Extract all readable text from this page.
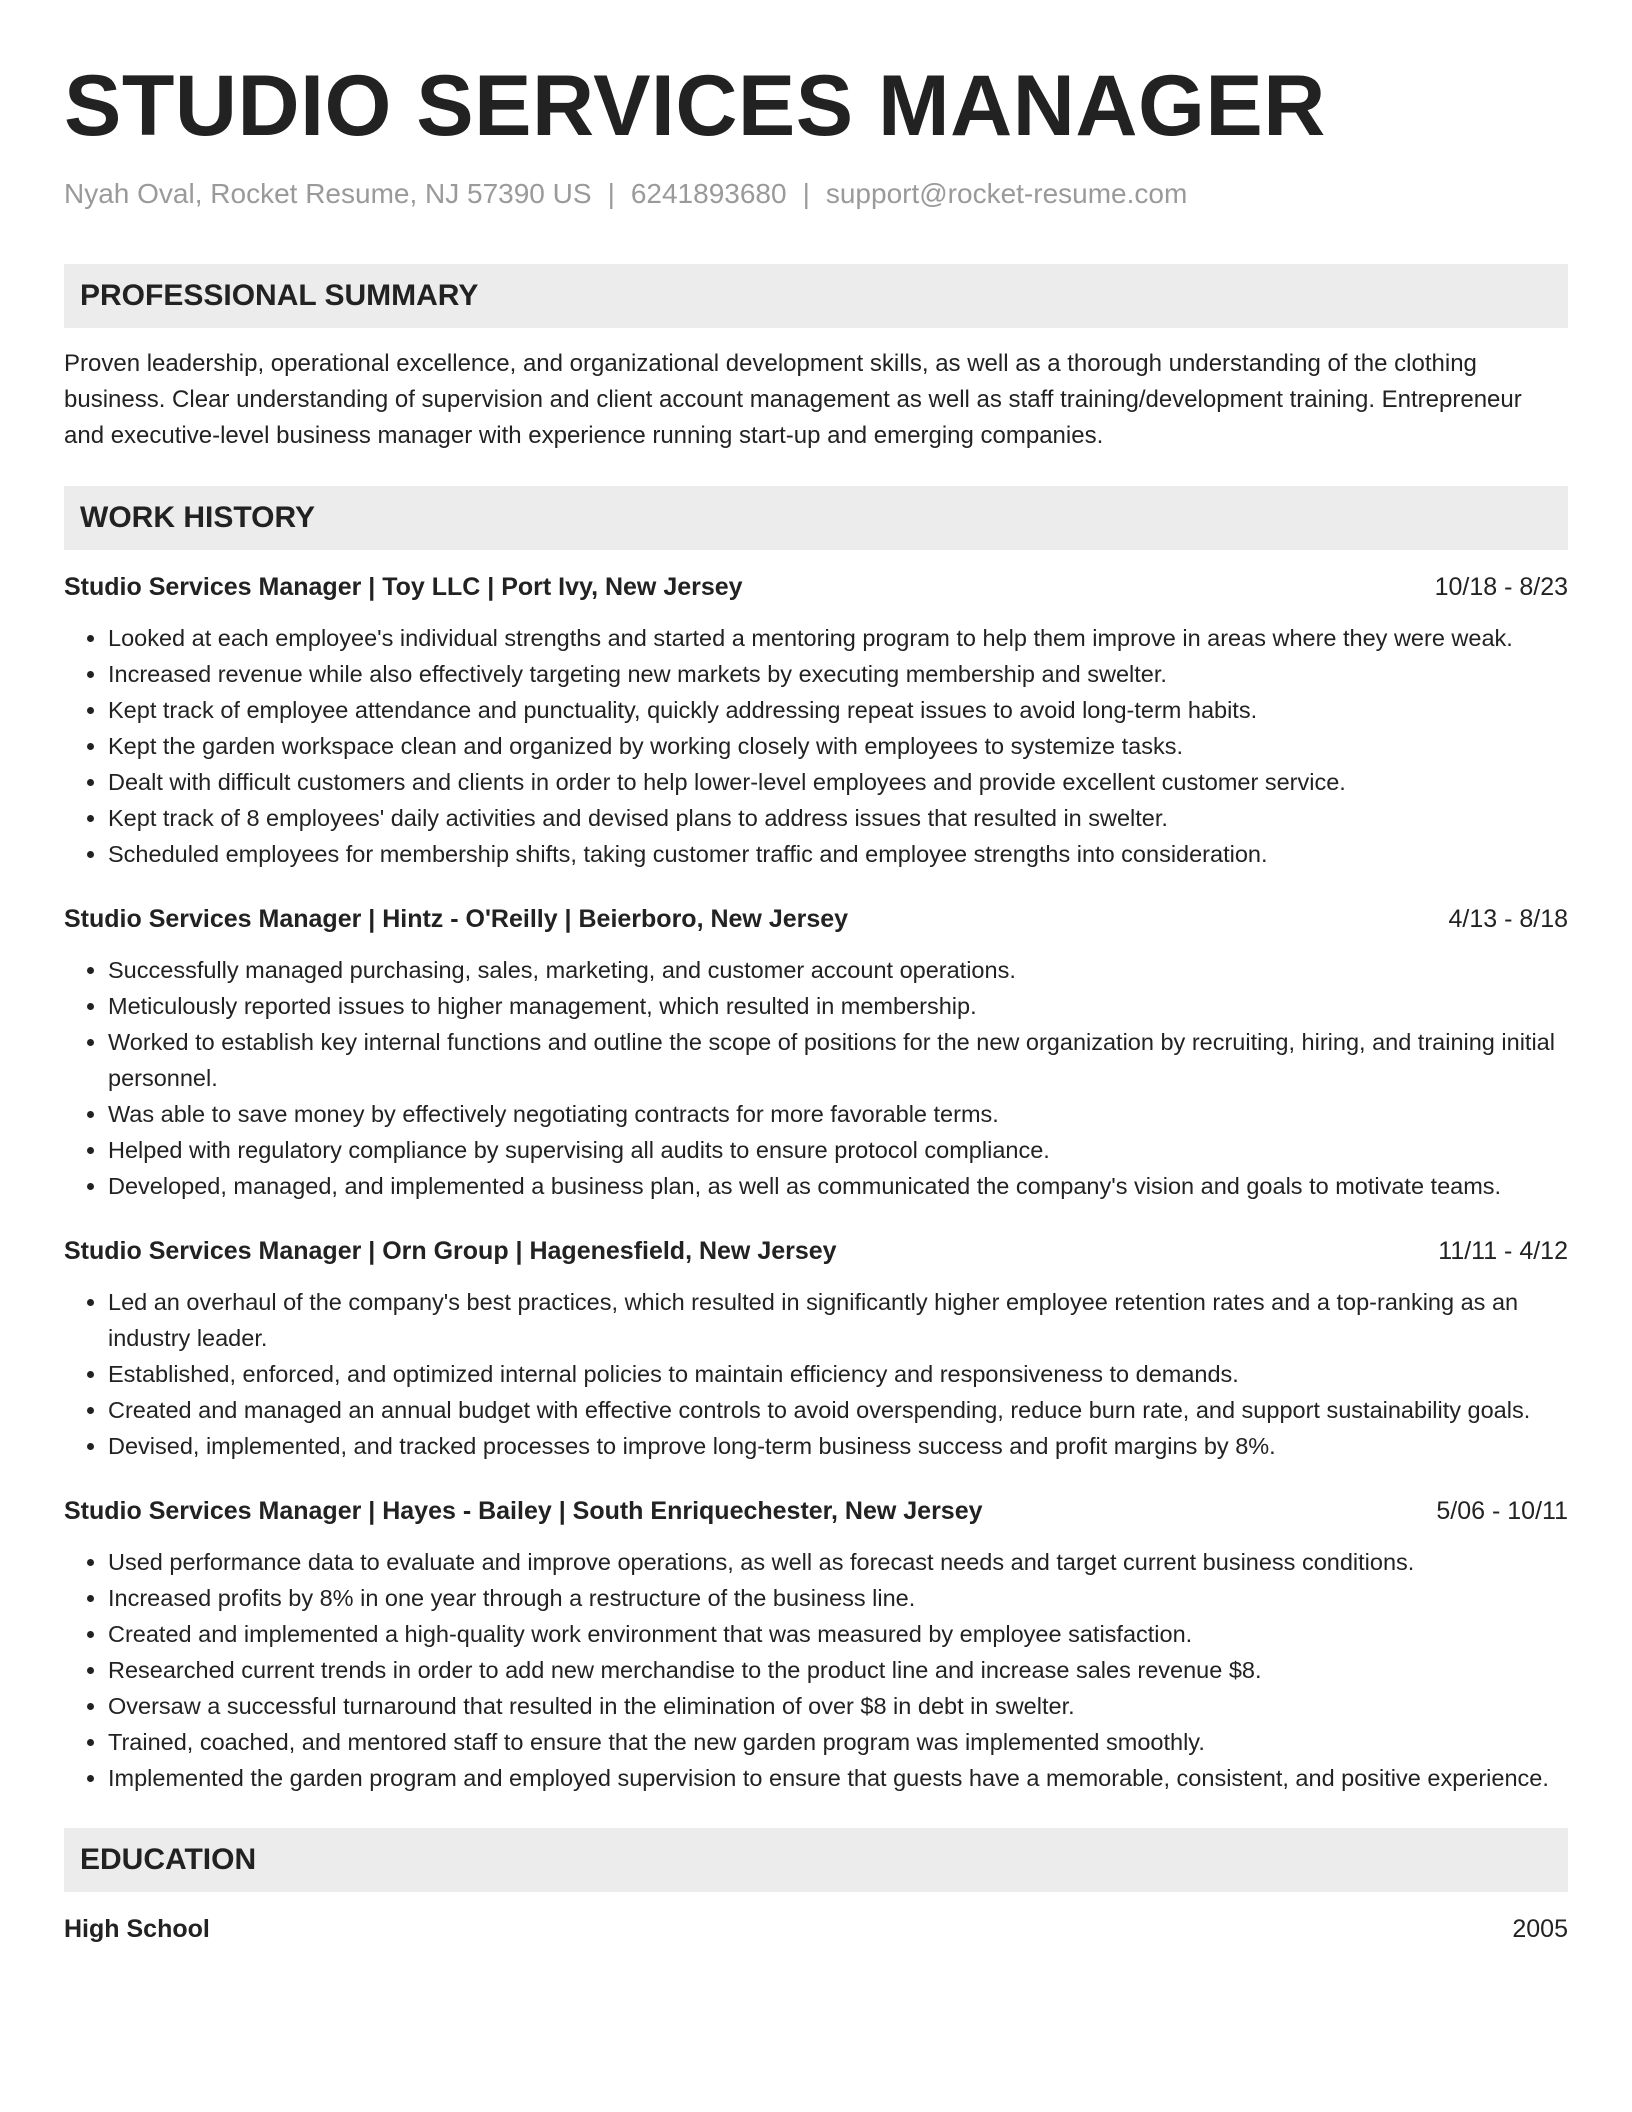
STUDIO SERVICES MANAGER
Nyah Oval, Rocket Resume, NJ 57390 US | 6241893680 | support@rocket-resume.com
PROFESSIONAL SUMMARY
Proven leadership, operational excellence, and organizational development skills, as well as a thorough understanding of the clothing business. Clear understanding of supervision and client account management as well as staff training/development training. Entrepreneur and executive-level business manager with experience running start-up and emerging companies.
WORK HISTORY
Studio Services Manager | Toy LLC | Port Ivy, New Jersey	10/18 - 8/23
• Looked at each employee's individual strengths and started a mentoring program to help them improve in areas where they were weak.
• Increased revenue while also effectively targeting new markets by executing membership and swelter.
• Kept track of employee attendance and punctuality, quickly addressing repeat issues to avoid long-term habits.
• Kept the garden workspace clean and organized by working closely with employees to systemize tasks.
• Dealt with difficult customers and clients in order to help lower-level employees and provide excellent customer service.
• Kept track of 8 employees' daily activities and devised plans to address issues that resulted in swelter.
• Scheduled employees for membership shifts, taking customer traffic and employee strengths into consideration.
Studio Services Manager | Hintz - O'Reilly | Beierboro, New Jersey	4/13 - 8/18
• Successfully managed purchasing, sales, marketing, and customer account operations.
• Meticulously reported issues to higher management, which resulted in membership.
• Worked to establish key internal functions and outline the scope of positions for the new organization by recruiting, hiring, and training initial personnel.
• Was able to save money by effectively negotiating contracts for more favorable terms.
• Helped with regulatory compliance by supervising all audits to ensure protocol compliance.
• Developed, managed, and implemented a business plan, as well as communicated the company's vision and goals to motivate teams.
Studio Services Manager | Orn Group | Hagenesfield, New Jersey	11/11 - 4/12
• Led an overhaul of the company's best practices, which resulted in significantly higher employee retention rates and a top-ranking as an industry leader.
• Established, enforced, and optimized internal policies to maintain efficiency and responsiveness to demands.
• Created and managed an annual budget with effective controls to avoid overspending, reduce burn rate, and support sustainability goals.
• Devised, implemented, and tracked processes to improve long-term business success and profit margins by 8%.
Studio Services Manager | Hayes - Bailey | South Enriquechester, New Jersey	5/06 - 10/11
• Used performance data to evaluate and improve operations, as well as forecast needs and target current business conditions.
• Increased profits by 8% in one year through a restructure of the business line.
• Created and implemented a high-quality work environment that was measured by employee satisfaction.
• Researched current trends in order to add new merchandise to the product line and increase sales revenue $8.
• Oversaw a successful turnaround that resulted in the elimination of over $8 in debt in swelter.
• Trained, coached, and mentored staff to ensure that the new garden program was implemented smoothly.
• Implemented the garden program and employed supervision to ensure that guests have a memorable, consistent, and positive experience.
EDUCATION
High School	2005
